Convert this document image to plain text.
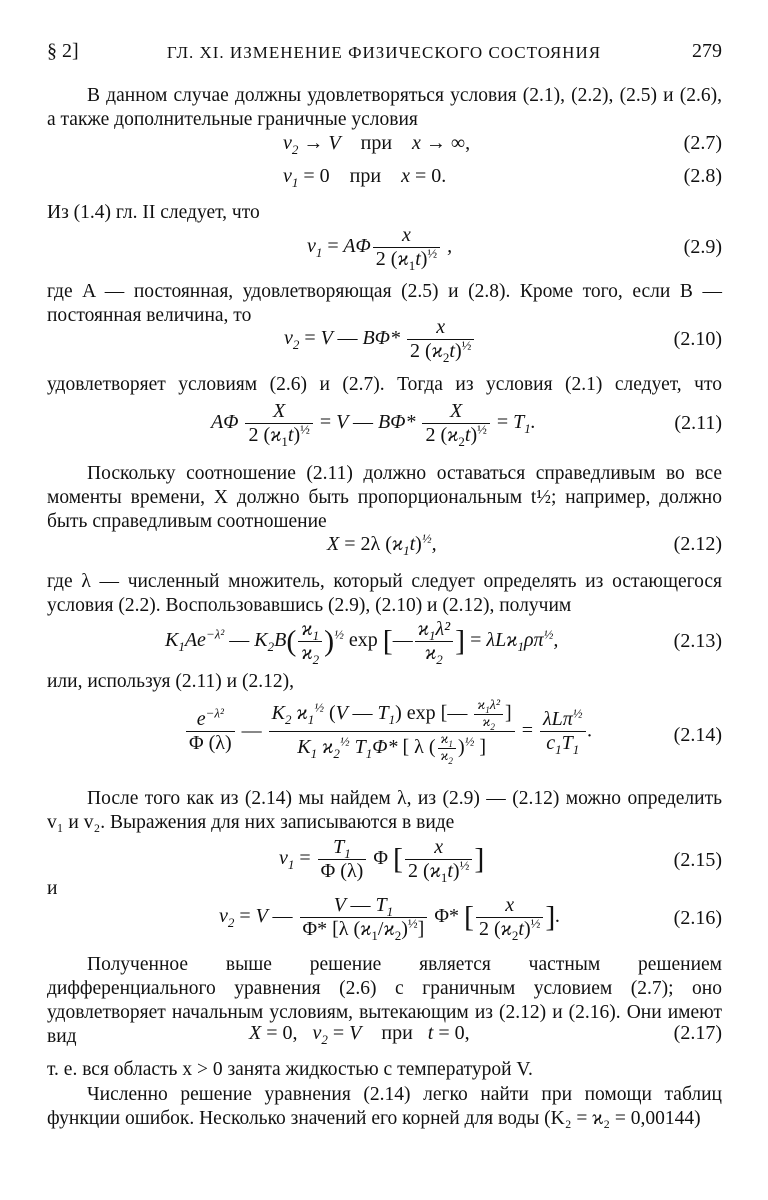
§ 2]	ГЛ. XI. ИЗМЕНЕНИЕ ФИЗИЧЕСКОГО СОСТОЯНИЯ	279

В данном случае должны удовлетворяться условия (2.1), (2.2), (2.5) и (2.6), а также дополнительные граничные условия

$v_2 \to V$    при    x → ∞,	(2.7)
$v_1 = 0$ при    x = 0.	(2.8)

Из (1.4) гл. II следует, что

$v_1 = A\Phi \frac{x}{2 (ϰ_1t)^{\frac{1}{2}}}$ ,	(2.9)

где A — постоянная, удовлетворяющая (2.5) и (2.8). Кроме того, если B — постоянная величина, то

$v_2 = V$ — $B\Phi* \frac{x}{2 (ϰ_2t)^{\frac{1}{2}}}$	(2.10)

удовлетворяет условиям (2.6) и (2.7). Тогда из условия (2.1) следует, что

AΦ $\frac{X}{2 (ϰ_1t)^{\frac{1}{2}}} = V$ — $B\Phi* \frac{X}{2 (ϰ_2t)^{\frac{1}{2}}} = T_1$.	(2.11)

Поскольку соотношение (2.11) должно оставаться справедливым во все моменты времени, X должно быть пропорциональным t½; например, должно быть справедливым соотношение

X = 2λ $(ϰ_1t)^{\frac{1}{2}}$,	(2.12)

где λ — численный множитель, который следует определять из остающегося условия (2.2). Воспользовавшись (2.9), (2.10) и (2.12), получим

$K_1Ae^{-\lambda^2}$ — $K_2B( \frac{ϰ_1}{ϰ_2} )^{\frac{1}{2}}$ exp [— $\frac{ϰ_1\lambda^2}{ϰ_2}$ ] = $\lambda Lϰ_1\rho\pi^{\frac{1}{2}}$,	(2.13)

или, используя (2.11) и (2.12),

$\frac{e^{-\lambda^2}}{\Phi (\lambda)}$ — $\frac{K_2 ϰ_1^{\frac{1}{2}} (V — T_1) \exp [— \frac{ϰ_1\lambda^2}{ϰ_2} ]}{K_1 ϰ_2^{\frac{1}{2}} T_1\Phi* [ \lambda ( \frac{ϰ_1}{ϰ_2} )^{\frac{1}{2}} ]} = \frac{\lambda L\pi^{\frac{1}{2}}}{c_1T_1}$ .	(2.14)

После того как из (2.14) мы найдем λ, из (2.9) — (2.12) можно определить v₁ и v₂. Выражения для них записываются в виде

$v_1 = \frac{T_1}{\Phi (\lambda)}$ Φ [ $\frac{x}{2 (ϰ_1t)^{\frac{1}{2}}}$ ]	(2.15)

и

$v_2 = V$ — $\frac{V — T_1}{\Phi* [\lambda (ϰ_1/ϰ_2)^{\frac{1}{2}}]} \Phi*$ [ $\frac{x}{2 (ϰ_2t)^{\frac{1}{2}}}$ ].	(2.16)

Полученное выше решение является частным решением дифференциального уравнения (2.6) с граничным условием (2.7); оно удовлетворяет начальным условиям, вытекающим из (2.12) и (2.16). Они имеют вид	X = 0,   $v_2 = V$    при   t = 0,	(2.17)

т. е. вся область x > 0 занята жидкостью с температурой V.

Численно решение уравнения (2.14) легко найти при помощи таблиц функции ошибок. Несколько значений его корней для воды (K₂ = ϰ₂ = 0,00144)
